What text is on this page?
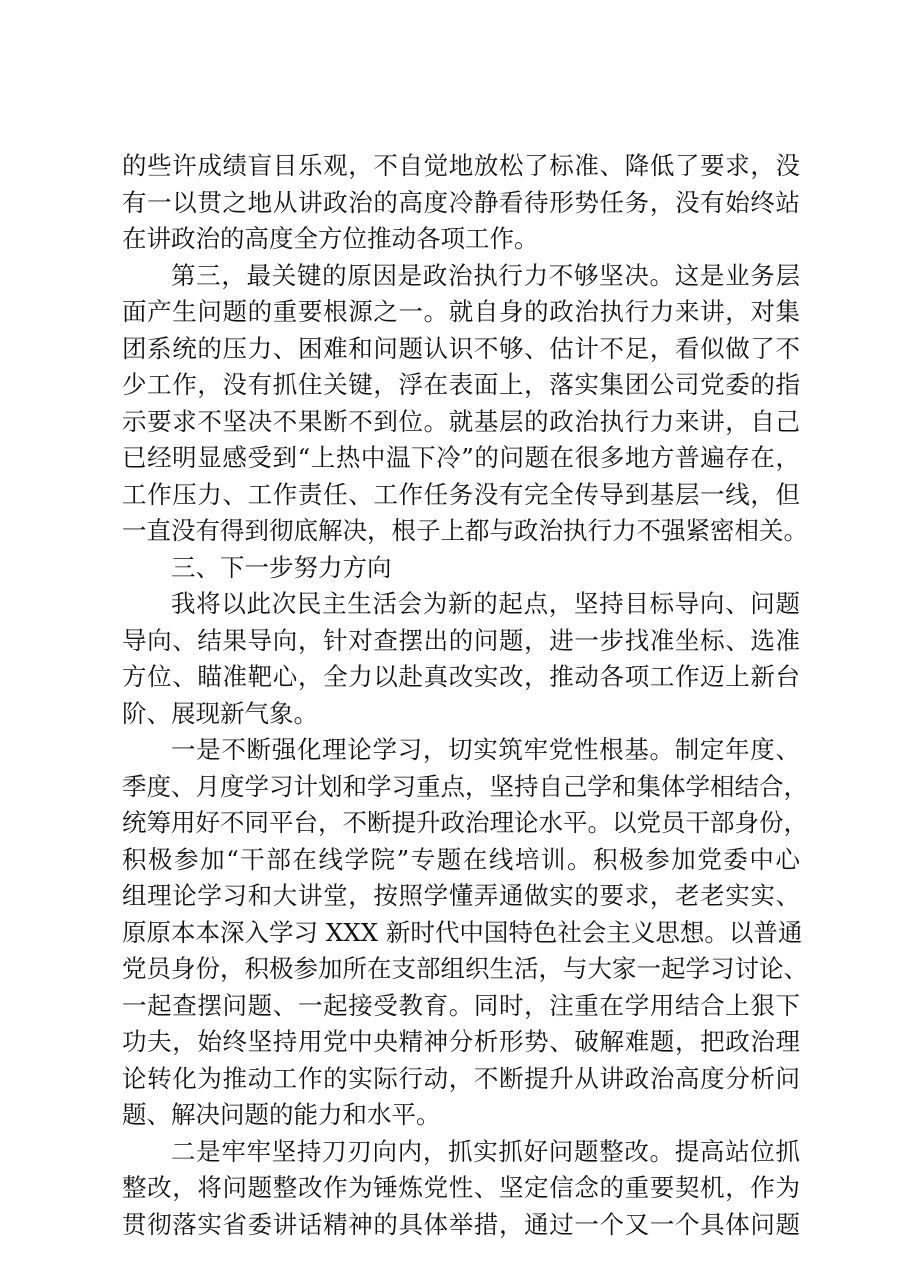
的些许成绩盲目乐观，不自觉地放松了标准、降低了要求，没
有一以贯之地从讲政治的高度冷静看待形势任务，没有始终站
在讲政治的高度全方位推动各项工作。
第三，最关键的原因是政治执行力不够坚决。这是业务层
面产生问题的重要根源之一。就自身的政治执行力来讲，对集
团系统的压力、困难和问题认识不够、估计不足，看似做了不
少工作，没有抓住关键，浮在表面上，落实集团公司党委的指
示要求不坚决不果断不到位。就基层的政治执行力来讲，自己
已经明显感受到“上热中温下冷”的问题在很多地方普遍存在，
工作压力、工作责任、工作任务没有完全传导到基层一线，但
一直没有得到彻底解决，根子上都与政治执行力不强紧密相关。
三、下一步努力方向
我将以此次民主生活会为新的起点，坚持目标导向、问题
导向、结果导向，针对查摆出的问题，进一步找准坐标、选准
方位、瞄准靶心，全力以赴真改实改，推动各项工作迈上新台
阶、展现新气象。
一是不断强化理论学习，切实筑牢党性根基。制定年度、
季度、月度学习计划和学习重点，坚持自己学和集体学相结合，
统筹用好不同平台，不断提升政治理论水平。以党员干部身份，
积极参加“干部在线学院”专题在线培训。积极参加党委中心
组理论学习和大讲堂，按照学懂弄通做实的要求，老老实实、
原原本本深入学习 XXX 新时代中国特色社会主义思想。以普通
党员身份，积极参加所在支部组织生活，与大家一起学习讨论、
一起查摆问题、一起接受教育。同时，注重在学用结合上狠下
功夫，始终坚持用党中央精神分析形势、破解难题，把政治理
论转化为推动工作的实际行动，不断提升从讲政治高度分析问
题、解决问题的能力和水平。
二是牢牢坚持刀刃向内，抓实抓好问题整改。提高站位抓
整改，将问题整改作为锤炼党性、坚定信念的重要契机，作为
贯彻落实省委讲话精神的具体举措，通过一个又一个具体问题
